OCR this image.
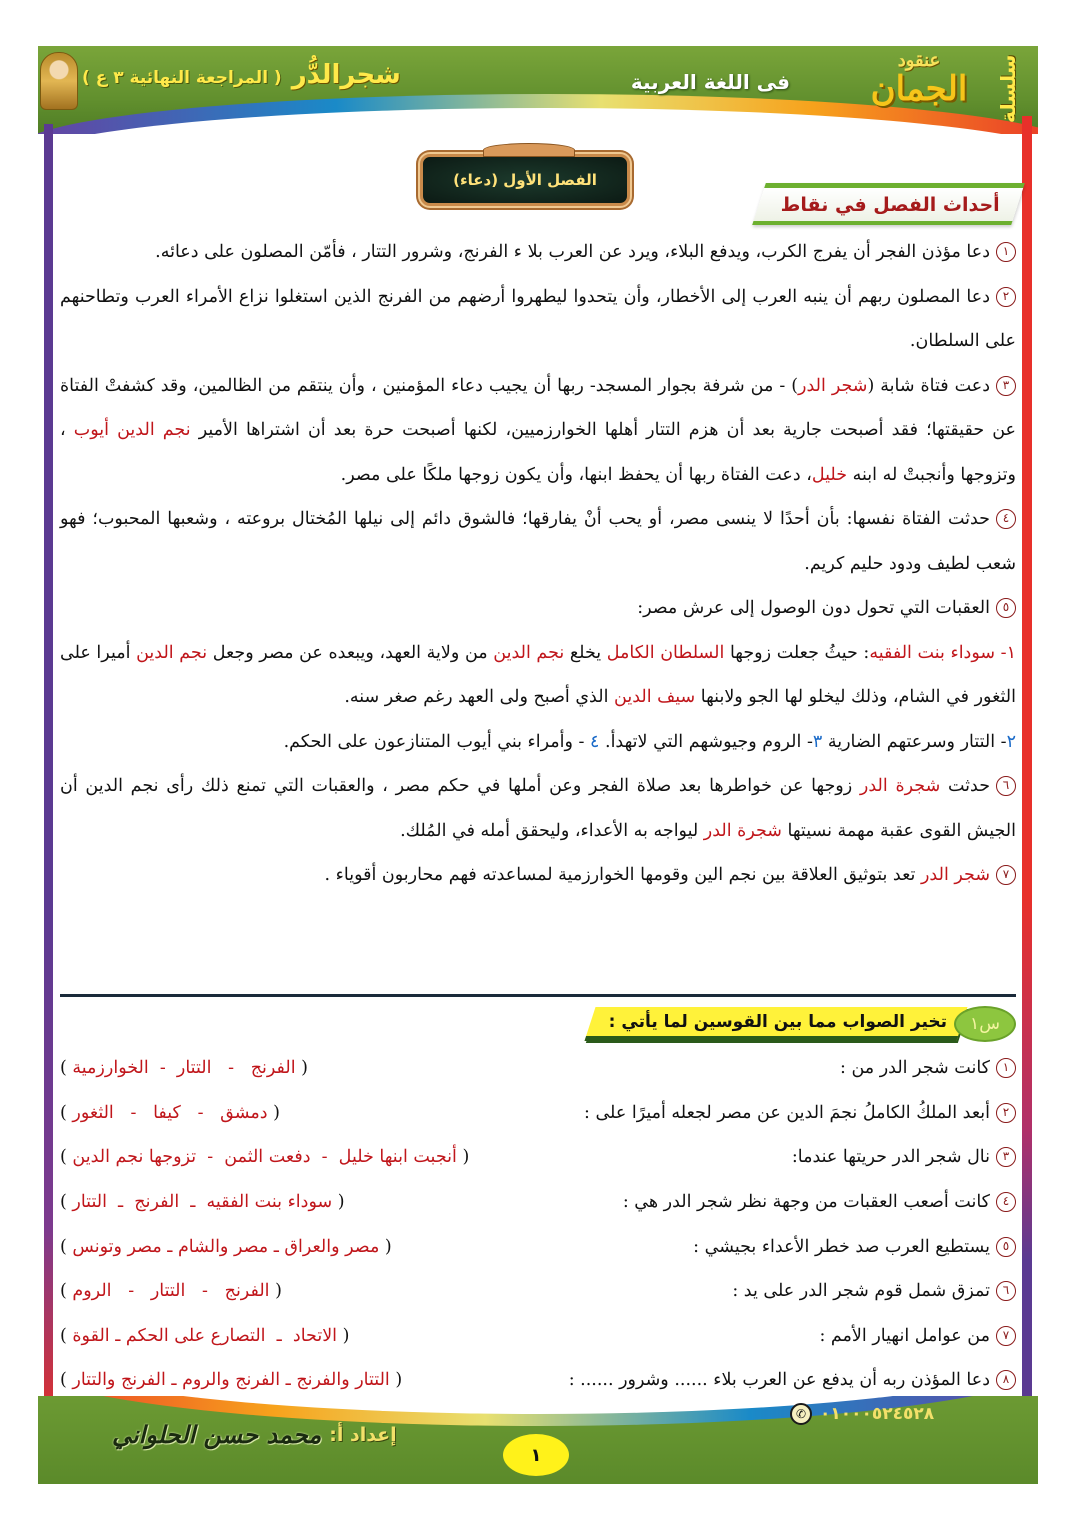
سلسلة
عنقود
الجمان
فى اللغة العربية
شجرالدُّر
( المراجعة النهائية ٣ ع )
الفصل الأول (دعاء)
أحداث الفصل في نقاط

١دعا مؤذن الفجر أن يفرج الكرب، ويدفع البلاء، ويرد عن العرب بلا ء الفرنج، وشرور التتار ، فأمّن المصلون على دعائه.

٢دعا المصلون ربهم أن ينبه العرب إلى الأخطار، وأن يتحدوا ليطهروا أرضهم من الفرنج الذين استغلوا نزاع الأمراء العرب وتطاحنهم على السلطان.

٣دعت فتاة شابة (شجر الدر) - من شرفة بجوار المسجد- ربها أن يجيب دعاء المؤمنين ، وأن ينتقم من الظالمين، وقد كشفتْ الفتاة عن حقيقتها؛ فقد أصبحت جارية بعد أن هزم التتار أهلها الخوارزميين، لكنها أصبحت حرة بعد أن اشتراها الأمير نجم الدين أيوب ، وتزوجها وأنجبتْ له ابنه خليل، دعت الفتاة ربها أن يحفظ ابنها، وأن يكون زوجها ملكًا على مصر.

٤حدثت الفتاة نفسها: بأن أحدًا لا ينسى مصر، أو يحب أنْ يفارقها؛ فالشوق دائم إلى نيلها المُختال بروعته ، وشعبها المحبوب؛ فهو شعب لطيف ودود حليم كريم.

٥العقبات التي تحول دون الوصول إلى عرش مصر:

١- سوداء بنت الفقيه: حيثُ جعلت زوجها السلطان الكامل يخلع نجم الدين من ولاية العهد، ويبعده عن مصر وجعل نجم الدين أميرا على الثغور في الشام، وذلك ليخلو لها الجو ولابنها سيف الدين الذي أصبح ولى العهد رغم صغر سنه.

٢- التتار وسرعتهم الضارية ٣- الروم وجيوشهم التي لاتهدأ. ٤ - وأمراء بني أيوب المتنازعون على الحكم.

٦حدثت شجرة الدر زوجها عن خواطرها بعد صلاة الفجر وعن أملها في حكم مصر ، والعقبات التي تمنع ذلك رأى نجم الدين أن الجيش القوى عقبة مهمة نسيتها شجرة الدر ليواجه به الأعداء، وليحقق أمله في المُلك.

٧شجر الدر تعد بتوثيق العلاقة بين نجم الين وقومها الخوارزمية لمساعدته فهم محاربون أقوياء .

س١
تخير الصواب مما بين القوسين لما يأتي :
١كانت شجر الدر من :
( الفرنج   -   التتار  -  الخوارزمية )
٢أبعد الملكُ الكاملُ نجمَ الدين عن مصر لجعله أميرًا على :
( دمشق   -   كيفا   -   الثغور )
٣نال شجر الدر حريتها عندما:
( أنجبت ابنها خليل  -  دفعت الثمن  -  تزوجها نجم الدين )
٤كانت أصعب العقبات من وجهة نظر شجر الدر هي :
( سوداء بنت الفقيه  ـ  الفرنج  ـ  التتار )
٥يستطيع العرب صد خطر الأعداء بجيشي :
( مصر والعراق ـ مصر والشام ـ مصر وتونس )
٦تمزق شمل قوم شجر الدر على يد :
( الفرنج   -   التتار   -   الروم )
٧من عوامل انهيار الأمم :
( الاتحاد  ـ  التصارع على الحكم ـ القوة )
٨دعا المؤذن ربه أن يدفع عن العرب بلاء ...... وشرور ...... :
( التتار والفرنج ـ الفرنج والروم ـ الفرنج والتتار )
✆ ٠١٠٠٠٥٢٤٥٢٨
١
إعداد أ:
محمد حسن الحلواني
